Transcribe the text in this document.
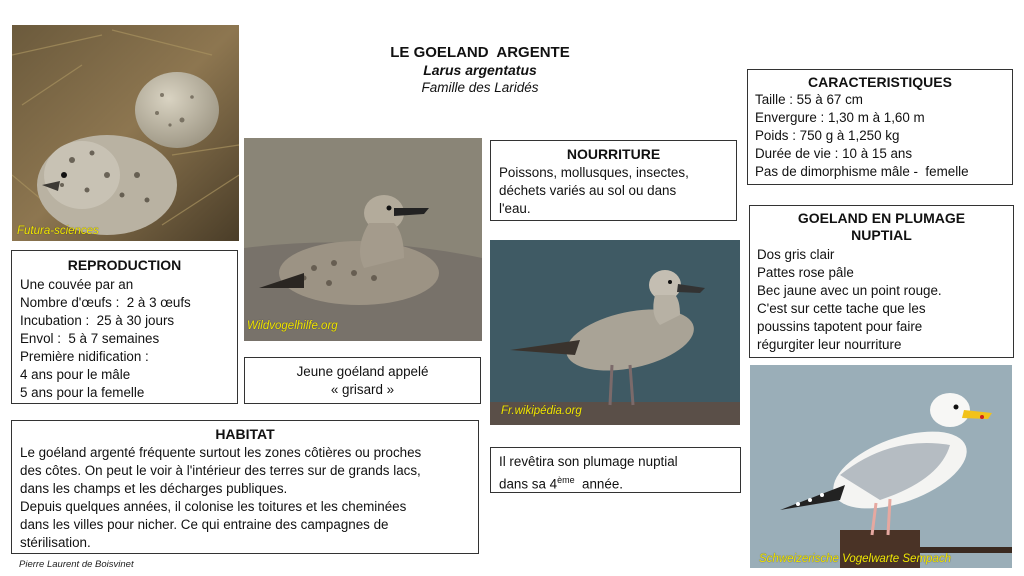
LE GOELAND  ARGENTE
Larus argentatus
Famille des Laridés
Futura-sciences
Wildvogelhilfe.org
Fr.wikipédia.org
Schweizerische Vogelwarte Sempach
REPRODUCTION
Une couvée par an
Nombre d'œufs :  2 à 3 œufs
Incubation :  25 à 30 jours
Envol :  5 à 7 semaines
Première nidification :
4 ans pour le mâle
5 ans pour la femelle
Jeune goéland appelé
« grisard »
HABITAT
Le goéland argenté fréquente surtout les zones côtières ou proches
des côtes. On peut le voir à l'intérieur des terres sur de grands lacs,
dans les champs et les décharges publiques.
Depuis quelques années, il colonise les toitures et les cheminées
dans les villes pour nicher. Ce qui entraine des campagnes de
stérilisation.
NOURRITURE
Poissons, mollusques, insectes,
déchets variés au sol ou dans
l'eau.
Il revêtira son plumage nuptial
dans sa 4ème  année.
CARACTERISTIQUES
Taille : 55 à 67 cm
Envergure : 1,30 m à 1,60 m
Poids : 750 g à 1,250 kg
Durée de vie : 10 à 15 ans
Pas de dimorphisme mâle -  femelle
GOELAND EN PLUMAGE
NUPTIAL
Dos gris clair
Pattes rose pâle
Bec jaune avec un point rouge.
C'est sur cette tache que les
poussins tapotent pour faire
régurgiter leur nourriture
Pierre Laurent de Boisvinet
